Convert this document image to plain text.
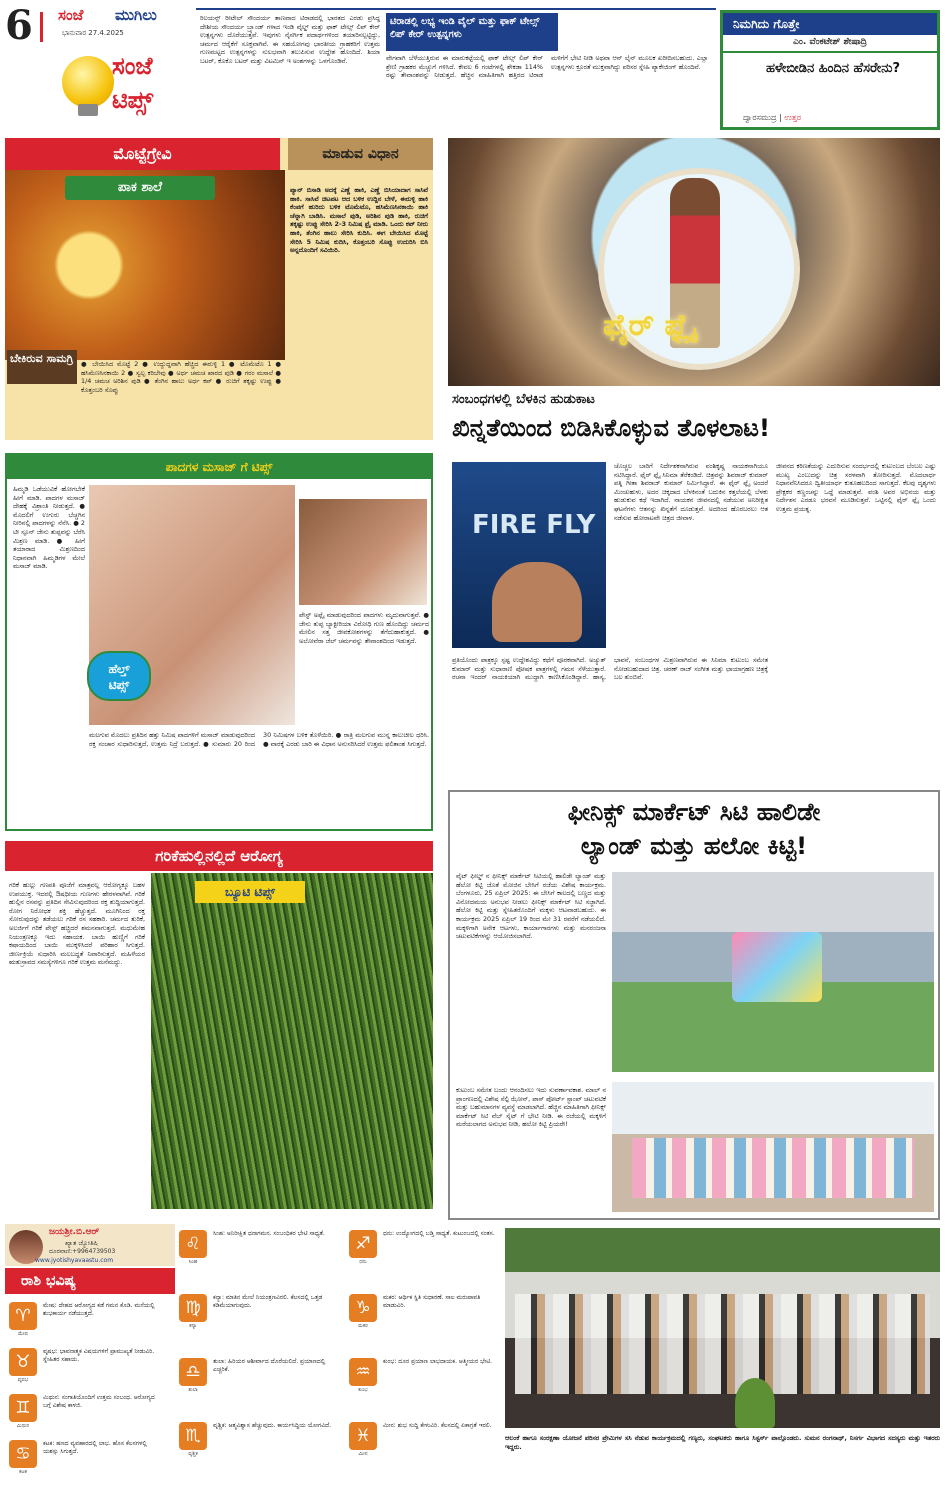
6 ಸಂಜೆ ಮುಗಿಲು
ಭಾನುವಾರ 27.4.2025
ಸಂಜೆ
ಟಿಪ್ಸ್
ರಿಲಯನ್ಸ್ ರೀಟೇಲ್ ಸೌಂದರ್ಯ ತಾಣವಾದ ಟಿರಾಡದಲ್ಲಿ ಭಾರತದ ಎರಡು ಪ್ರಸಿದ್ಧ ದೇಶೀಯ ಸೌಂದರ್ಯ ಬ್ರ್ಯಾಂಡ್ ಗಳಾದ ಇಂಡಿ ವೈಲ್ಡ್ ಮತ್ತು ಫಾಕ್ ಟೇಲ್ಸ್ ಲಿಪ್ ಕೇರ್ ಉತ್ಪನ್ನಗಳು ದೊರೆಯುತ್ತವೆ. ಇವುಗಳು ನೈಸರ್ಗಿಕ ಪದಾರ್ಥಗಳಿಂದ ತಯಾರಿಸಲ್ಪಟ್ಟಿದ್ದು, ಚರ್ಮದ ಆರೈಕೆಗೆ ಸೂಕ್ತವಾಗಿವೆ. ಈ ಸಹಯೋಗವು ಭಾರತೀಯ ಗ್ರಾಹಕರಿಗೆ ಉತ್ತಮ ಗುಣಮಟ್ಟದ ಉತ್ಪನ್ನಗಳನ್ನು ಸುಲಭವಾಗಿ ತಲುಪಿಸುವ ಉದ್ದೇಶ ಹೊಂದಿದೆ. ಶಿಯಾ ಬಟರ್, ಕೊಕೊ ಬಟರ್ ಮತ್ತು ವಿಟಮಿನ್ ಇ ಅಂಶಗಳನ್ನು ಒಳಗೊಂಡಿವೆ.
ಟಿರಾಡಲ್ಲಿ ಲಭ್ಯ ಇಂಡಿ ವೈಲ್ ಮತ್ತು ಫಾಕ್ ಟೇಲ್ಸ್ ಲಿಪ್ ಕೇರ್ ಉತ್ಪನ್ನಗಳು
ವೇಗವಾಗಿ ಬೆಳೆಯುತ್ತಿರುವ ಈ ಮಾರುಕಟ್ಟೆಯಲ್ಲಿ ಫಾಕ್ ಟೇಲ್ಸ್ ಲಿಪ್ ಕೇರ್ ಶ್ರೇಣಿ ಗ್ರಾಹಕರ ಮೆಚ್ಚುಗೆ ಗಳಿಸಿದೆ. ಕೇವಲ 6 ಗಂಟೆಗಳಲ್ಲಿ ಶೇಕಡಾ 114% ರಷ್ಟು ತೇವಾಂಶವನ್ನು ನೀಡುತ್ತದೆ. ಹೆಚ್ಚಿನ ಮಾಹಿತಿಗಾಗಿ ಹತ್ತಿರದ ಟಿರಾಡ ಮಳಿಗೆಗೆ ಭೇಟಿ ನೀಡಿ ಅಥವಾ ಆನ್ ಲೈನ್ ಮೂಲಕ ಖರೀದಿಸಬಹುದು. ಎಲ್ಲಾ ಉತ್ಪನ್ನಗಳು ಕ್ರೂರತೆ ಮುಕ್ತವಾಗಿದ್ದು ಪರಿಸರ ಸ್ನೇಹಿ ಪ್ಯಾಕೇಜಿಂಗ್ ಹೊಂದಿವೆ.
ನಿಮಗಿದು ಗೊತ್ತೇ
ಎಂ. ವೆಂಕಟೇಶ್ ಶೇಷಾದ್ರಿ
ಹಳೇಬೀಡಿನ ಹಿಂದಿನ ಹೆಸರೇನು?
ದ್ವಾರಸಮುದ್ರ | ಉತ್ತರ
ಮೊಟ್ಟೆಗ್ರೇವಿ	ಮಾಡುವ ವಿಧಾನ
ಪಾಕ ಶಾಲೆ
ಬೇಕಿರುವ ಸಾಮಗ್ರಿ	● ಬೇಯಿಸಿದ ಮೊಟ್ಟೆ 2 ● ಉದ್ದುದ್ದವಾಗಿ ಹೆಚ್ಚಿದ ಈರುಳ್ಳಿ 1 ● ಟೊಮೆಟೊ 1 ● ಹಸಿಮೆಣಸಿನಕಾಯಿ 2 ● ಸ್ವಲ್ಪ ಕರಿಬೇವು ● ಅರ್ಧ ಚಮಚ ಖಾರದ ಪುಡಿ ● ಗರಂ ಮಸಾಲೆ ● 1/4 ಚಮಚ ಅರಿಶಿನ ಪುಡಿ ● ತೆಂಗಿನ ಹಾಲು ಅರ್ಧ ಕಪ್ ● ರುಚಿಗೆ ತಕ್ಕಷ್ಟು ಉಪ್ಪು ● ಕೊತ್ತಂಬರಿ ಸೊಪ್ಪು
ಪ್ಯಾನ್ ಬಿಸಾಡಿ ಅದಕ್ಕೆ ಎಣ್ಣೆ ಹಾಕಿ, ಎಣ್ಣೆ ಬಿಸಿಯಾದಾಗ ಸಾಸಿವೆ ಹಾಕಿ. ಸಾಸಿವೆ ಚಿಟಪಟ ಆದ ಬಳಿಕ ಉದ್ದಿನ ಬೇಳೆ, ಈರುಳ್ಳಿ ಹಾಕಿ ಕೆಂಪಗೆ ಹುರಿದು ಬಳಿಕ ಟೊಮೆಟೊ, ಹಸಿಮೆಣಸಿನಕಾಯಿ ಹಾಕಿ ಚೆನ್ನಾಗಿ ಬಾಡಿಸಿ. ಮಸಾಲೆ ಪುಡಿ, ಅರಿಶಿನ ಪುಡಿ ಹಾಕಿ, ರುಚಿಗೆ ತಕ್ಕಷ್ಟು ಉಪ್ಪು ಸೇರಿಸಿ 2-3 ನಿಮಿಷ ಫ್ರೈ ಮಾಡಿ. ಒಂದು ಕಪ್ ನೀರು ಹಾಕಿ, ತೆಂಗಿನ ಹಾಲು ಸೇರಿಸಿ ಕುದಿಸಿ. ಈಗ ಬೇಯಿಸಿದ ಮೊಟ್ಟೆ ಸೇರಿಸಿ 5 ನಿಮಿಷ ಕುದಿಸಿ, ಕೊತ್ತಂಬರಿ ಸೊಪ್ಪು ಉದುರಿಸಿ ಬಿಸಿ ಅನ್ನದೊಂದಿಗೆ ಸವಿಯಿರಿ.
ಫೈರ್ ಫ್ಲೈ
ಸಂಬಂಧಗಳಲ್ಲಿ ಬೆಳಕಿನ ಹುಡುಕಾಟ
ಖಿನ್ನತೆಯಿಂದ ಬಿಡಿಸಿಕೊಳ್ಳುವ ತೊಳಲಾಟ!
ಚೊಚ್ಚಲ ಬಾರಿಗೆ ನಿರ್ದೇಶಕನಾಗಿರುವ ವಂಶಿಕೃಷ್ಣ ನಾಯಕನಾಗಿಯೂ ನಟಿಸಿದ್ದಾರೆ. ಫೈರ್ ಫ್ಲೈ ಸಿನಿಮಾ ತೆರೆಕಂಡಿದೆ. ಚಿತ್ರವನ್ನು ಶಿವರಾಜ್ ಕುಮಾರ್ ಪತ್ನಿ ಗೀತಾ ಶಿವರಾಜ್ ಕುಮಾರ್ ನಿರ್ಮಿಸಿದ್ದಾರೆ. ಈ ಫೈರ್ ಫ್ಲೈ ಅಂದರೆ ಮಿಂಚುಹುಳು, ಅದರ ಚಿಕ್ಕದಾದ ಬೆಳಕಿನಂತೆ ಬದುಕಿನ ಕತ್ತಲೆಯಲ್ಲಿ ಬೆಳಕು ಹುಡುಕುವ ಕಥೆ ಇದಾಗಿದೆ. ನಾಯಕನ ಜೀವನದಲ್ಲಿ ನಡೆಯುವ ಅನಿರೀಕ್ಷಿತ ಘಟನೆಗಳು ಆತನನ್ನು ಖಿನ್ನತೆಗೆ ದೂಡುತ್ತವೆ. ಅದರಿಂದ ಹೊರಬರಲು ಆತ ನಡೆಸುವ ಹೋರಾಟವೇ ಚಿತ್ರದ ಜೀವಾಳ.
FIRE FLY
ಪ್ರತಿಯೊಂದು ಪಾತ್ರಕ್ಕೂ ಸ್ಪಷ್ಟ ಉದ್ದೇಶವಿದ್ದು ಕಥೆಗೆ ಪೂರಕವಾಗಿದೆ. ಅಚ್ಯುತ್ ಕುಮಾರ್ ಮತ್ತು ಸುಧಾರಾಣಿ ಪೋಷಕ ಪಾತ್ರಗಳಲ್ಲಿ ಗಮನ ಸೆಳೆಯುತ್ತಾರೆ. ರಚನಾ ಇಂದರ್ ನಾಯಕಿಯಾಗಿ ಮುದ್ದಾಗಿ ಕಾಣಿಸಿಕೊಂಡಿದ್ದಾರೆ. ಹಾಸ್ಯ, ಭಾವನೆ, ಸಂಬಂಧಗಳ ಮಿಶ್ರಣವಾಗಿರುವ ಈ ಸಿನಿಮಾ ಕುಟುಂಬ ಸಮೇತ ನೋಡಬಹುದಾದ ಚಿತ್ರ. ಚರಣ್ ರಾಜ್ ಸಂಗೀತ ಮತ್ತು ಛಾಯಾಗ್ರಹಣ ಚಿತ್ರಕ್ಕೆ ಬಲ ತುಂಬಿವೆ.
ಜೀವನದ ಕಠಿಣತೆಯನ್ನು ಎದುರಿಸುವ ಸಂದರ್ಭದಲ್ಲಿ ಕುಟುಂಬದ ಬೆಂಬಲ ಎಷ್ಟು ಮುಖ್ಯ ಎಂಬುದನ್ನು ಚಿತ್ರ ಸರಳವಾಗಿ ತೋರಿಸುತ್ತದೆ. ಮೊದಲಾರ್ಧ ನಿಧಾನವೆನಿಸಿದರೂ ದ್ವಿತೀಯಾರ್ಧ ಕುತೂಹಲದಿಂದ ಸಾಗುತ್ತದೆ. ಕೆಲವು ದೃಶ್ಯಗಳು ಪ್ರೇಕ್ಷಕರ ಕಣ್ಣಂಚನ್ನು ಒದ್ದೆ ಮಾಡುತ್ತವೆ. ವಂಶಿ ಅವರ ಅಭಿನಯ ಮತ್ತು ನಿರ್ದೇಶನ ಎರಡೂ ಭರವಸೆ ಮೂಡಿಸುತ್ತವೆ. ಒಟ್ಟಿನಲ್ಲಿ ಫೈರ್ ಫ್ಲೈ ಒಂದು ಉತ್ತಮ ಪ್ರಯತ್ನ.
ಪಾದಗಳ ಮಸಾಜ್ ಗೆ ಟಿಪ್ಸ್
ಹಿಮ್ಮಡಿ ಒಡೆಯುವಿಕೆ ಹೋಗಬೇಕೆ ಹೀಗೆ ಮಾಡಿ. ಪಾದಗಳ ಮಸಾಜ್ ದೇಹಕ್ಕೆ ವಿಶ್ರಾಂತಿ ನೀಡುತ್ತದೆ. ● ಮೊದಲಿಗೆ ಉಗುರು ಬೆಚ್ಚಗಿನ ನೀರಿನಲ್ಲಿ ಪಾದಗಳನ್ನು ನೆನೆಸಿ. ● 2 ಟೀ ಸ್ಪೂನ್ ಜೇನು ತುಪ್ಪವನ್ನು ಬೆರೆಸಿ ಮಿಶ್ರಣ ಮಾಡಿ. ● ಹೀಗೆ ತಯಾರಾದ ಮಿಶ್ರಣದಿಂದ ನಿಧಾನವಾಗಿ ಹಿಮ್ಮಡಿಗಳ ಮೇಲೆ ಮಸಾಜ್ ಮಾಡಿ.
ಹೆಲ್ತ್
ಟಿಪ್ಸ್
ಪೇಸ್ಟ್ ಅಪ್ಲೈ ಮಾಡುವುದರಿಂದ ಪಾದಗಳು ಮೃದುವಾಗುತ್ತವೆ. ● ಜೇನು ತುಪ್ಪ ಬ್ಯಾಕ್ಟೀರಿಯಾ ವಿರೋಧಿ ಗುಣ ಹೊಂದಿದ್ದು ಚರ್ಮದ ಮೇಲಿನ ಸತ್ತ ಜೀವಕೋಶಗಳನ್ನು ತೆಗೆದುಹಾಕುತ್ತದೆ. ● ಅಲೋವೆರಾ ಜೆಲ್ ಚರ್ಮವನ್ನು ತೇವಾಂಶದಿಂದ ಇಡುತ್ತದೆ.
ಮಲಗುವ ಮೊದಲು ಪ್ರತಿದಿನ ಹತ್ತು ನಿಮಿಷ ಪಾದಗಳಿಗೆ ಮಸಾಜ್ ಮಾಡುವುದರಿಂದ ರಕ್ತ ಸಂಚಾರ ಸುಧಾರಿಸುತ್ತದೆ, ಉತ್ತಮ ನಿದ್ರೆ ಬರುತ್ತದೆ. ● ಸುಮಾರು 20 ರಿಂದ 30 ನಿಮಿಷಗಳ ಬಳಿಕ ತೊಳೆಯಿರಿ. ● ರಾತ್ರಿ ಮಲಗುವ ಮುನ್ನ ಕಾಲುಚೀಲ ಧರಿಸಿ. ● ವಾರಕ್ಕೆ ಎರಡು ಬಾರಿ ಈ ವಿಧಾನ ಅನುಸರಿಸಿದರೆ ಉತ್ತಮ ಫಲಿತಾಂಶ ಸಿಗುತ್ತದೆ.
ಗರಿಕೆಹುಲ್ಲಿನಲ್ಲಿದೆ ಆರೋಗ್ಯ
ಗರಿಕೆ ಹುಲ್ಲು ಗಣಪತಿ ಪೂಜೆಗೆ ಮಾತ್ರವಲ್ಲ ಆರೋಗ್ಯಕ್ಕೂ ಬಹಳ ಉಪಯುಕ್ತ. ಇದರಲ್ಲಿ ಔಷಧೀಯ ಗುಣಗಳು ಹೇರಳವಾಗಿವೆ. ಗರಿಕೆ ಹುಲ್ಲಿನ ರಸವನ್ನು ಪ್ರತಿದಿನ ಸೇವಿಸುವುದರಿಂದ ರಕ್ತ ಶುದ್ಧಿಯಾಗುತ್ತದೆ. ರೋಗ ನಿರೋಧಕ ಶಕ್ತಿ ಹೆಚ್ಚುತ್ತದೆ. ಮೂಗಿನಿಂದ ರಕ್ತ ಸೋರುವುದನ್ನು ತಡೆಯಲು ಗರಿಕೆ ರಸ ಸಹಕಾರಿ. ಚರ್ಮದ ತುರಿಕೆ, ಅಲರ್ಜಿಗೆ ಗರಿಕೆ ಪೇಸ್ಟ್ ಹಚ್ಚಿದರೆ ಶಮನವಾಗುತ್ತದೆ. ಮಧುಮೇಹ ನಿಯಂತ್ರಣಕ್ಕೂ ಇದು ಸಹಾಯಕ. ಬಾಯಿ ಹುಣ್ಣಿಗೆ ಗರಿಕೆ ಕಷಾಯದಿಂದ ಬಾಯಿ ಮುಕ್ಕಳಿಸಿದರೆ ಪರಿಹಾರ ಸಿಗುತ್ತದೆ. ಜೀರ್ಣಕ್ರಿಯೆ ಸುಧಾರಿಸಿ ಮಲಬದ್ಧತೆ ನಿವಾರಿಸುತ್ತದೆ. ಮಹಿಳೆಯರ ಋತುಸ್ರಾವದ ಸಮಸ್ಯೆಗಳಿಗೂ ಗರಿಕೆ ಉತ್ತಮ ಮನೆಮದ್ದು.
ಬ್ಯೂಟಿ ಟಿಪ್ಸ್
ಫೀನಿಕ್ಸ್ ಮಾರ್ಕೆಟ್ ಸಿಟಿ ಹಾಲಿಡೇ
ಲ್ಯಾಂಡ್ ಮತ್ತು ಹಲೋ ಕಿಟ್ಟಿ!
ವೈಟ್ ಫೀಲ್ಡ್ ನ ಫೀನಿಕ್ಸ್ ಮಾರ್ಕೆಟ್ ಸಿಟಿಯಲ್ಲಿ ಹಾಲಿಡೇ ಲ್ಯಾಂಡ್ ಮತ್ತು ಹೆಲೋ ಕಿಟ್ಟಿ ಜೊತೆ ಮೋಜಿನ ಬೇಸಿಗೆ ರಜೆಯ ವಿಶೇಷ ಕಾರ್ಯಕ್ರಮ. ಬೆಂಗಳೂರು, 25 ಏಪ್ರಿಲ್ 2025: ಈ ಬೇಸಿಗೆ ಕಾಲದಲ್ಲಿ ಬಣ್ಣದ ಮತ್ತು ವಿನೋದಮಯ ಅನುಭವ ನೀಡಲು ಫೀನಿಕ್ಸ್ ಮಾರ್ಕೆಟ್ ಸಿಟಿ ಸಜ್ಜಾಗಿದೆ. ಹೆಲೋ ಕಿಟ್ಟಿ ಮತ್ತು ಸ್ನೇಹಿತರೊಂದಿಗೆ ಮಕ್ಕಳು ಆಟವಾಡಬಹುದು. ಈ ಕಾರ್ಯಕ್ರಮ 2025 ಏಪ್ರಿಲ್ 19 ರಿಂದ ಮೇ 31 ರವರೆಗೆ ನಡೆಯಲಿದೆ. ಮಕ್ಕಳಿಗಾಗಿ ಅನೇಕ ಆಟಗಳು, ಕಾರ್ಯಾಗಾರಗಳು ಮತ್ತು ಮನರಂಜನಾ ಚಟುವಟಿಕೆಗಳನ್ನು ಆಯೋಜಿಸಲಾಗಿದೆ.
ಕುಟುಂಬ ಸಮೇತ ಬಂದು ಆನಂದಿಸಲು ಇದು ಸುವರ್ಣಾವಕಾಶ. ಮಾಲ್ ನ ಪ್ರಾಂಗಣದಲ್ಲಿ ವಿಶೇಷ ಸೆಲ್ಫಿ ಝೋನ್, ಪಾಸ್ ಪೋರ್ಟ್ ಸ್ಟಾಂಪ್ ಚಟುವಟಿಕೆ ಮತ್ತು ಬಹುಮಾನಗಳ ವ್ಯವಸ್ಥೆ ಮಾಡಲಾಗಿದೆ. ಹೆಚ್ಚಿನ ಮಾಹಿತಿಗಾಗಿ ಫೀನಿಕ್ಸ್ ಮಾರ್ಕೆಟ್ ಸಿಟಿ ವೆಬ್ ಸೈಟ್ ಗೆ ಭೇಟಿ ನೀಡಿ. ಈ ರಜೆಯಲ್ಲಿ ಮಕ್ಕಳಿಗೆ ಮರೆಯಲಾಗದ ಅನುಭವ ನೀಡಿ, ಹಲೋ ಕಿಟ್ಟಿ ಪ್ರಿಯರೇ!
ಜಯಶ್ರೀ.ಬಿ.ಆರ್
ಖ್ಯಾತ ಜ್ಯೋತಿಷಿ
ದೂರವಾಣಿ:+9964739503
www.jyotishyavaastu.com
ರಾಶಿ ಭವಿಷ್ಯ
♈
ಮೇಷ
ಮೇಷ: ದೇಹದ ಆರೋಗ್ಯದ ಕಡೆ ಗಮನ ಕೊಡಿ. ಮನೆಯಲ್ಲಿ ಶುಭಕಾರ್ಯ ನಡೆಯುತ್ತದೆ.
♉
ವೃಷಭ
ವೃಷಭ: ಭಾವನಾತ್ಮಕ ವಿಷಯಗಳಿಗೆ ಪ್ರಾಮುಖ್ಯತೆ ನೀಡುವಿರಿ. ಸ್ನೇಹಿತರ ಸಹಾಯ.
♊
ಮಿಥುನ
ಮಿಥುನ: ಸಂಗಾತಿಯೊಂದಿಗೆ ಉತ್ತಮ ಸಂಬಂಧ. ಆರೋಗ್ಯದ ಬಗ್ಗೆ ವಿಶೇಷ ಕಾಳಜಿ.
♋
ಕಟಕ
ಕಟಕ: ಹಣದ ವ್ಯವಹಾರದಲ್ಲಿ ಲಾಭ. ಹೊಸ ಕೆಲಸಗಳಲ್ಲಿ ಯಶಸ್ಸು ಸಿಗುತ್ತದೆ.
♌
ಸಿಂಹ
ಸಿಂಹ: ಅನಿರೀಕ್ಷಿತ ಧನಾಗಮನ. ಸಂಬಂಧಿಕರ ಭೇಟಿ ಸಾಧ್ಯತೆ.
♍
ಕನ್ಯಾ
ಕನ್ಯಾ: ಮಾತಿನ ಮೇಲೆ ನಿಯಂತ್ರಣವಿರಲಿ. ಕೆಲಸದಲ್ಲಿ ಒತ್ತಡ ಕಡಿಮೆಯಾಗುವುದು.
♎
ತುಲಾ
ತುಲಾ: ಹಿರಿಯರ ಆಶೀರ್ವಾದ ದೊರೆಯಲಿದೆ. ಪ್ರಯಾಣದಲ್ಲಿ ಎಚ್ಚರಿಕೆ.
♏
ವೃಶ್ಚಿಕ
ವೃಶ್ಚಿಕ: ಆತ್ಮವಿಶ್ವಾಸ ಹೆಚ್ಚುವುದು. ಕಾರ್ಯಸಿದ್ಧಿಯ ಯೋಗವಿದೆ.
♐
ಧನು
ಧನು: ಉದ್ಯೋಗದಲ್ಲಿ ಬಡ್ತಿ ಸಾಧ್ಯತೆ. ಕುಟುಂಬದಲ್ಲಿ ಸಂತಸ.
♑
ಮಕರ
ಮಕರ: ಆರ್ಥಿಕ ಸ್ಥಿತಿ ಸುಧಾರಣೆ. ಸಾಲ ಮರುಪಾವತಿ ಮಾಡುವಿರಿ.
♒
ಕುಂಭ
ಕುಂಭ: ದೂರ ಪ್ರಯಾಣ ಲಾಭದಾಯಕ. ಆತ್ಮೀಯರ ಭೇಟಿ.
♓
ಮೀನ
ಮೀನ: ಶುಭ ಸುದ್ದಿ ಕೇಳುವಿರಿ. ಕೆಲಸದಲ್ಲಿ ಏಕಾಗ್ರತೆ ಇರಲಿ.
ಆಲಂಕೆ ಹಾಗೂ ಸಂರಕ್ಷಣಾ ಯೋಜನೆ ಪರಿಸರ ಪ್ರೇಮಿಗಳ ಸಸಿ ನೆಡುವ ಕಾರ್ಯಕ್ರಮದಲ್ಲಿ ಗಣ್ಯರು, ಸಂಘಟಕರು ಹಾಗೂ ಸಿಸ್ಟರ್ಸ್ ಪಾಲ್ಗೊಂಡರು. ಸುಮನ ರಂಗನಾಥ್, ನಿಸರ್ಗ ವಿಭಾಗದ ಸದಸ್ಯರು ಮತ್ತು ಇತರರು ಇದ್ದರು.
